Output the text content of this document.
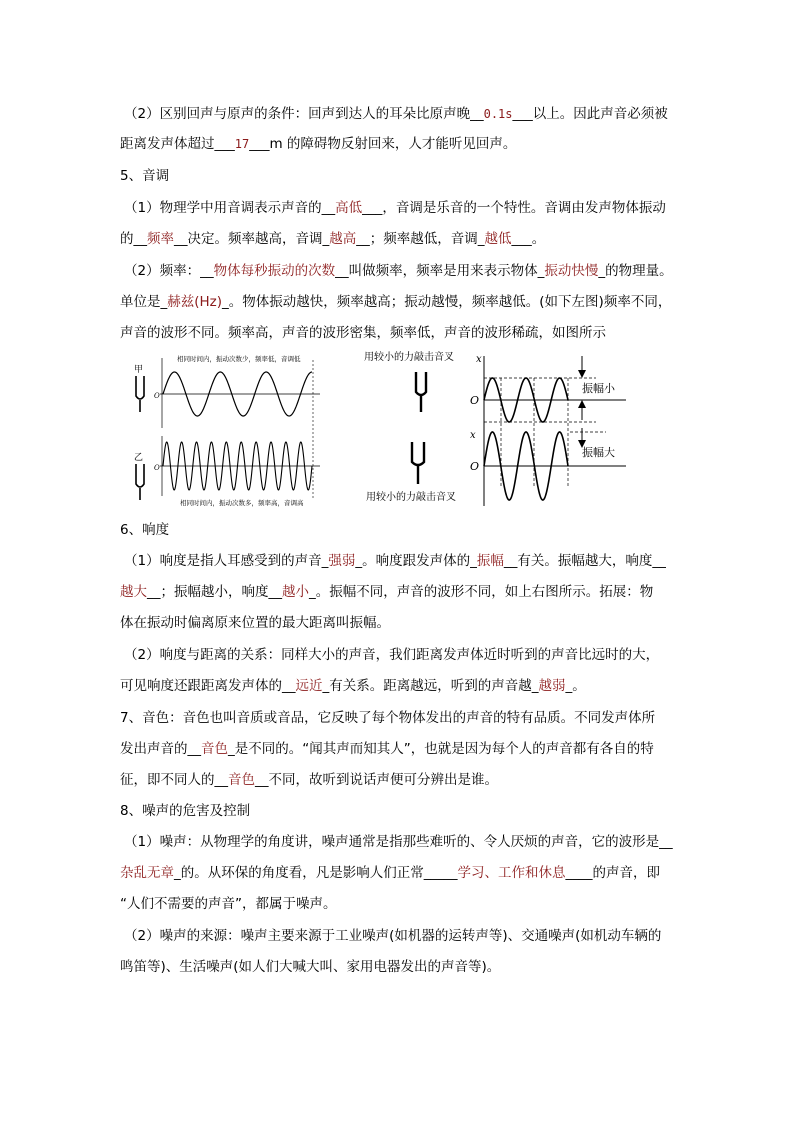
（2）区别回声与原声的条件：回声到达人的耳朵比原声晚__0.1s___以上。因此声音必须被
距离发声体超过___17___m 的障碍物反射回来，人才能听见回声。
5、音调
（1）物理学中用音调表示声音的__高低___，音调是乐音的一个特性。音调由发声物体振动
的__频率__决定。频率越高，音调_越高__；频率越低，音调_越低___。
（2）频率：__物体每秒振动的次数__叫做频率，频率是用来表示物体_振动快慢_的物理量。
单位是_赫兹(Hz)_。物体振动越快，频率越高；振动越慢，频率越低。(如下左图)频率不同，
声音的波形不同。频率高，声音的波形密集，频率低，声音的波形稀疏，如图所示
相同时间内，振动次数少，频率低，音调低
甲
O
乙
O
相同时间内，振动次数多，频率高，音调高
用较小的力敲击音叉 x
O
振幅小
x
O
振幅大
用较小的力敲击音叉
6、响度
（1）响度是指人耳感受到的声音_强弱_。响度跟发声体的_振幅__有关。振幅越大，响度__
越大__；振幅越小，响度__越小_。振幅不同，声音的波形不同，如上右图所示。拓展：物
体在振动时偏离原来位置的最大距离叫振幅。
（2）响度与距离的关系：同样大小的声音，我们距离发声体近时听到的声音比远时的大，
可见响度还跟距离发声体的__远近_有关系。距离越远，听到的声音越_越弱_。
7、音色：音色也叫音质或音品，它反映了每个物体发出的声音的特有品质。不同发声体所
发出声音的__音色_是不同的。“闻其声而知其人”，也就是因为每个人的声音都有各自的特
征，即不同人的__音色__不同，故听到说话声便可分辨出是谁。
8、噪声的危害及控制
（1）噪声：从物理学的角度讲，噪声通常是指那些难听的、令人厌烦的声音，它的波形是__
杂乱无章_的。从环保的角度看，凡是影响人们正常_____学习、工作和休息____的声音，即
“人们不需要的声音”，都属于噪声。
（2）噪声的来源：噪声主要来源于工业噪声(如机器的运转声等)、交通噪声(如机动车辆的
鸣笛等)、生活噪声(如人们大喊大叫、家用电器发出的声音等)。
